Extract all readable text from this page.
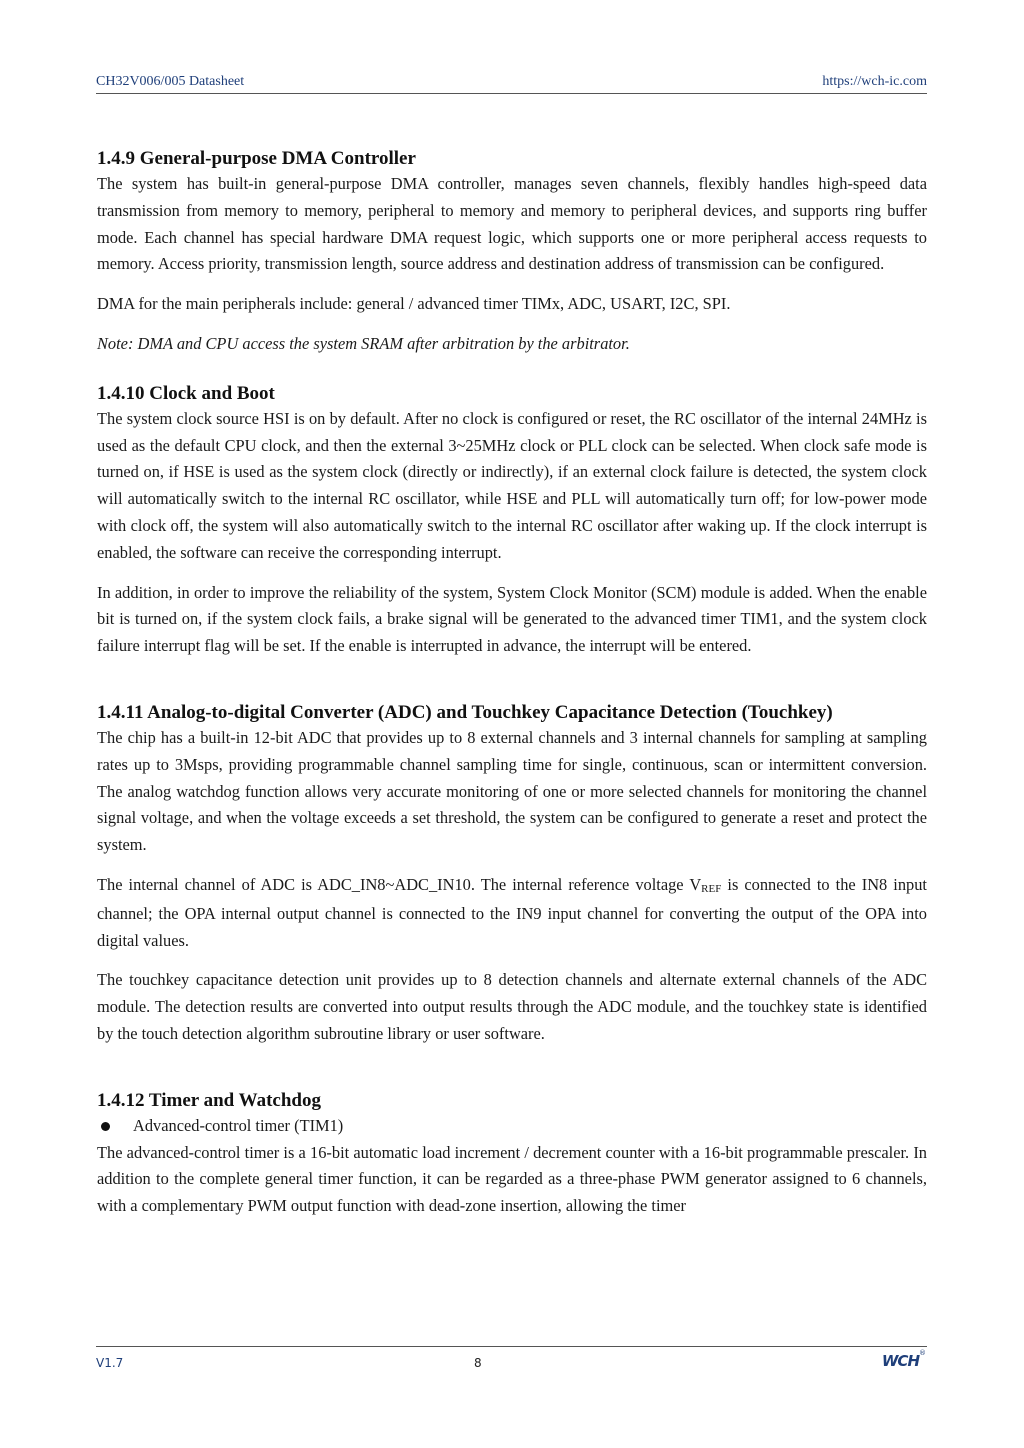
CH32V006/005 Datasheet	https://wch-ic.com
1.4.9 General-purpose DMA Controller

The system has built-in general-purpose DMA controller, manages seven channels, flexibly handles high-speed data transmission from memory to memory, peripheral to memory and memory to peripheral devices, and supports ring buffer mode. Each channel has special hardware DMA request logic, which supports one or more peripheral access requests to memory. Access priority, transmission length, source address and destination address of transmission can be configured.

DMA for the main peripherals include: general / advanced timer TIMx, ADC, USART, I2C, SPI.

Note: DMA and CPU access the system SRAM after arbitration by the arbitrator.

1.4.10 Clock and Boot

The system clock source HSI is on by default. After no clock is configured or reset, the RC oscillator of the internal 24MHz is used as the default CPU clock, and then the external 3~25MHz clock or PLL clock can be selected. When clock safe mode is turned on, if HSE is used as the system clock (directly or indirectly), if an external clock failure is detected, the system clock will automatically switch to the internal RC oscillator, while HSE and PLL will automatically turn off; for low-power mode with clock off, the system will also automatically switch to the internal RC oscillator after waking up. If the clock interrupt is enabled, the software can receive the corresponding interrupt.

In addition, in order to improve the reliability of the system, System Clock Monitor (SCM) module is added. When the enable bit is turned on, if the system clock fails, a brake signal will be generated to the advanced timer TIM1, and the system clock failure interrupt flag will be set. If the enable is interrupted in advance, the interrupt will be entered.

1.4.11 Analog-to-digital Converter (ADC) and Touchkey Capacitance Detection (Touchkey)

The chip has a built-in 12-bit ADC that provides up to 8 external channels and 3 internal channels for sampling at sampling rates up to 3Msps, providing programmable channel sampling time for single, continuous, scan or intermittent conversion. The analog watchdog function allows very accurate monitoring of one or more selected channels for monitoring the channel signal voltage, and when the voltage exceeds a set threshold, the system can be configured to generate a reset and protect the system.

The internal channel of ADC is ADC_IN8~ADC_IN10. The internal reference voltage $V_{REF}$ is connected to the IN8 input channel; the OPA internal output channel is connected to the IN9 input channel for converting the output of the OPA into digital values.

The touchkey capacitance detection unit provides up to 8 detection channels and alternate external channels of the ADC module. The detection results are converted into output results through the ADC module, and the touchkey state is identified by the touch detection algorithm subroutine library or user software.

1.4.12 Timer and Watchdog
Advanced-control timer (TIM1)

The advanced-control timer is a 16-bit automatic load increment / decrement counter with a 16-bit programmable prescaler. In addition to the complete general timer function, it can be regarded as a three-phase PWM generator assigned to 6 channels, with a complementary PWM output function with dead-zone insertion, allowing the timer

V1.7	8	WCH ®
